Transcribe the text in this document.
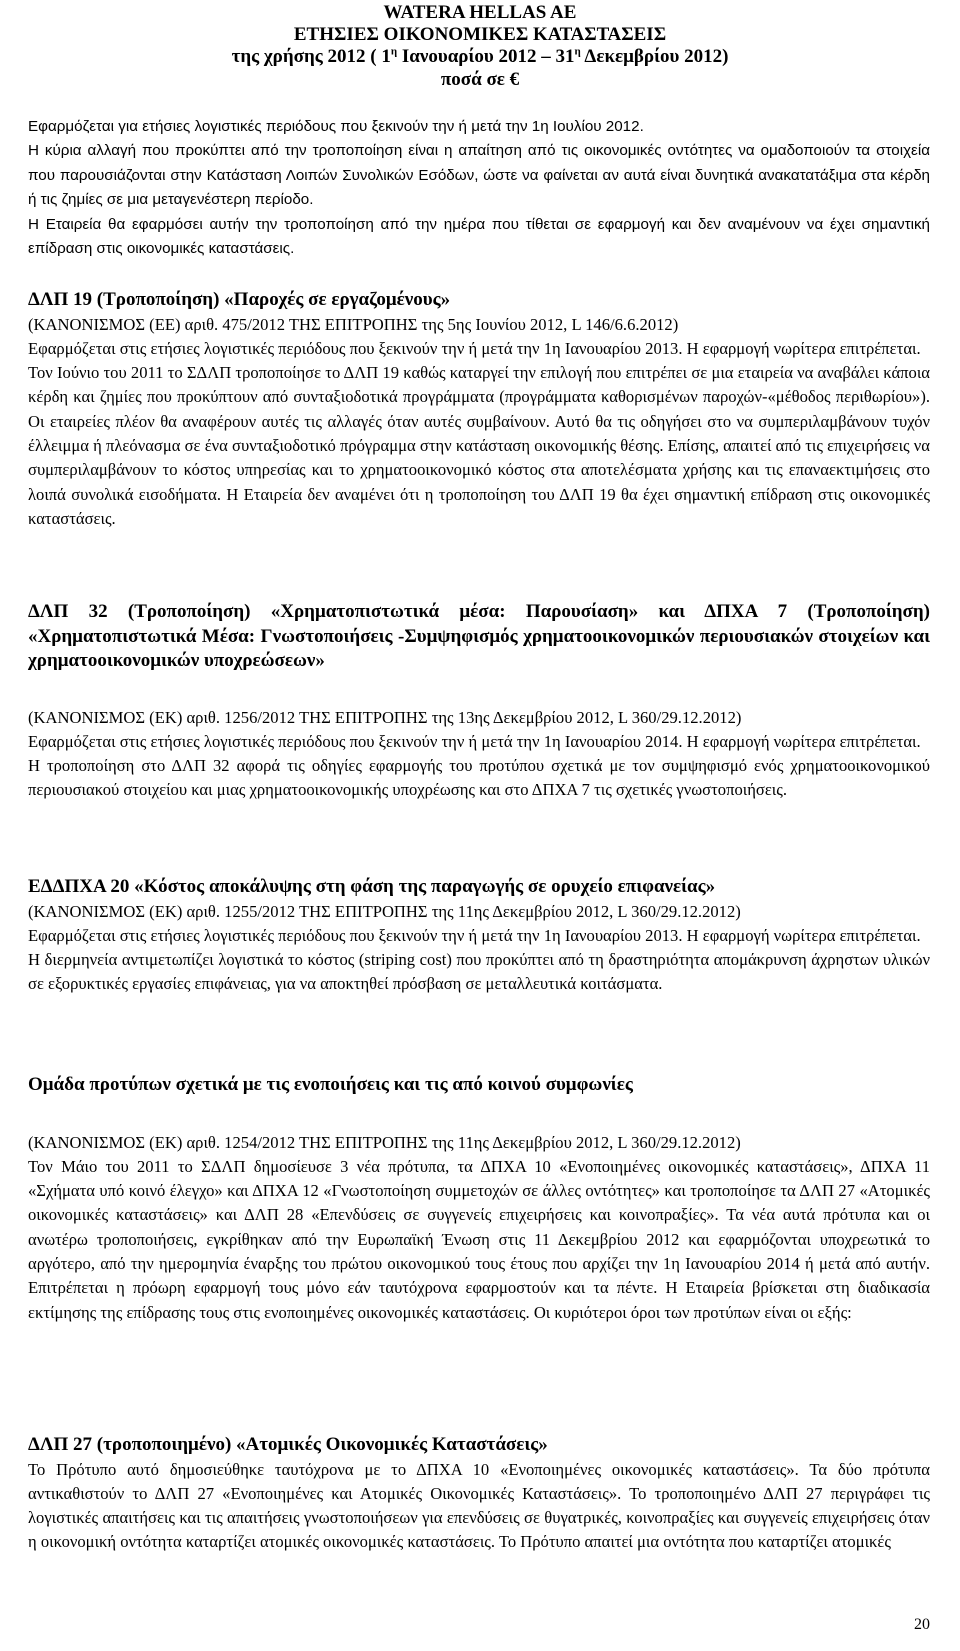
WATERA HELLAS AE
ΕΤΗΣΙΕΣ ΟΙΚΟΝΟΜΙΚΕΣ ΚΑΤΑΣΤΑΣΕΙΣ
της χρήσης 2012 ( $1^\eta$ Ιανουαρίου $2012 - 31^\eta$ Δεκεμβρίου 2012)
ποσά σε €

Εφαρμόζεται για ετήσιες λογιστικές περιόδους που ξεκινούν την ή μετά την 1η Ιουλίου 2012.

Η κύρια αλλαγή που προκύπτει από την τροποποίηση είναι η απαίτηση από τις οικονομικές οντότητες να ομαδοποιούν τα στοιχεία που παρουσιάζονται στην Κατάσταση Λοιπών Συνολικών Εσόδων, ώστε να φαίνεται αν αυτά είναι δυνητικά ανακατατάξιμα στα κέρδη ή τις ζημίες σε μια μεταγενέστερη περίοδο.

Η Εταιρεία θα εφαρμόσει αυτήν την τροποποίηση από την ημέρα που τίθεται σε εφαρμογή και δεν αναμένουν να έχει σημαντική επίδραση στις οικονομικές καταστάσεις.

ΔΛΠ 19 (Τροποποίηση) «Παροχές σε εργαζομένους»

(ΚΑΝΟΝΙΣΜΟΣ (ΕΕ) αριθ. 475/2012 ΤΗΣ ΕΠΙΤΡΟΠΗΣ της 5ης Ιουνίου 2012, L 146/6.6.2012)

Εφαρμόζεται στις ετήσιες λογιστικές περιόδους που ξεκινούν την ή μετά την 1η Ιανουαρίου 2013. Η εφαρμογή νωρίτερα επιτρέπεται.

Τον Ιούνιο του 2011 το ΣΔΛΠ τροποποίησε το ΔΛΠ 19 καθώς καταργεί την επιλογή που επιτρέπει σε μια εταιρεία να αναβάλει κάποια κέρδη και ζημίες που προκύπτουν από συνταξιοδοτικά προγράμματα (προγράμματα καθορισμένων παροχών-«μέθοδος περιθωρίου»). Οι εταιρείες πλέον θα αναφέρουν αυτές τις αλλαγές όταν αυτές συμβαίνουν. Αυτό θα τις οδηγήσει στο να συμπεριλαμβάνουν τυχόν έλλειμμα ή πλεόνασμα σε ένα συνταξιοδοτικό πρόγραμμα στην κατάσταση οικονομικής θέσης. Επίσης, απαιτεί από τις επιχειρήσεις να συμπεριλαμβάνουν το κόστος υπηρεσίας και το χρηματοοικονομικό κόστος στα αποτελέσματα χρήσης και τις επαναεκτιμήσεις στο λοιπά συνολικά εισοδήματα. Η Εταιρεία δεν αναμένει ότι η τροποποίηση του ΔΛΠ 19 θα έχει σημαντική επίδραση στις οικονομικές καταστάσεις.

ΔΛΠ 32 (Τροποποίηση) «Χρηματοπιστωτικά μέσα: Παρουσίαση» και ΔΠΧΑ 7 (Τροποποίηση) «Χρηματοπιστωτικά Μέσα: Γνωστοποιήσεις -Συμψηφισμός χρηματοοικονομικών περιουσιακών στοιχείων και χρηματοοικονομικών υποχρεώσεων»

(ΚΑΝΟΝΙΣΜΟΣ (ΕΚ) αριθ. 1256/2012 ΤΗΣ ΕΠΙΤΡΟΠΗΣ της 13ης Δεκεμβρίου 2012, L 360/29.12.2012)

Εφαρμόζεται στις ετήσιες λογιστικές περιόδους που ξεκινούν την ή μετά την 1η Ιανουαρίου 2014. Η εφαρμογή νωρίτερα επιτρέπεται.

Η τροποποίηση στο ΔΛΠ 32 αφορά τις οδηγίες εφαρμογής του προτύπου σχετικά με τον συμψηφισμό ενός χρηματοοικονομικού περιουσιακού στοιχείου και μιας χρηματοοικονομικής υποχρέωσης και στο ΔΠΧΑ 7 τις σχετικές γνωστοποιήσεις.

ΕΔΔΠΧΑ 20 «Κόστος αποκάλυψης στη φάση της παραγωγής σε ορυχείο επιφανείας»

(ΚΑΝΟΝΙΣΜΟΣ (ΕΚ) αριθ. 1255/2012 ΤΗΣ ΕΠΙΤΡΟΠΗΣ της 11ης Δεκεμβρίου 2012, L 360/29.12.2012)

Εφαρμόζεται στις ετήσιες λογιστικές περιόδους που ξεκινούν την ή μετά την 1η Ιανουαρίου 2013. Η εφαρμογή νωρίτερα επιτρέπεται.

Η διερμηνεία αντιμετωπίζει λογιστικά το κόστος (striping cost) που προκύπτει από τη δραστηριότητα απομάκρυνση άχρηστων υλικών σε εξορυκτικές εργασίες επιφάνειας, για να αποκτηθεί πρόσβαση σε μεταλλευτικά κοιτάσματα.

Ομάδα προτύπων σχετικά με τις ενοποιήσεις και τις από κοινού συμφωνίες

(ΚΑΝΟΝΙΣΜΟΣ (ΕΚ) αριθ. 1254/2012 ΤΗΣ ΕΠΙΤΡΟΠΗΣ της 11ης Δεκεμβρίου 2012, L 360/29.12.2012)

Τον Μάιο του 2011 το ΣΔΛΠ δημοσίευσε 3 νέα πρότυπα, τα ΔΠΧΑ 10 «Ενοποιημένες οικονομικές καταστάσεις», ΔΠΧΑ 11 «Σχήματα υπό κοινό έλεγχο» και ΔΠΧΑ 12 «Γνωστοποίηση συμμετοχών σε άλλες οντότητες» και τροποποίησε τα ΔΛΠ 27 «Ατομικές οικονομικές καταστάσεις» και ΔΛΠ 28 «Επενδύσεις σε συγγενείς επιχειρήσεις και κοινοπραξίες». Τα νέα αυτά πρότυπα και οι ανωτέρω τροποποιήσεις, εγκρίθηκαν από την Ευρωπαϊκή Ένωση στις 11 Δεκεμβρίου 2012 και εφαρμόζονται υποχρεωτικά το αργότερο, από την ημερομηνία έναρξης του πρώτου οικονομικού τους έτους που αρχίζει την 1η Ιανουαρίου 2014 ή μετά από αυτήν. Επιτρέπεται η πρόωρη εφαρμογή τους μόνο εάν ταυτόχρονα εφαρμοστούν και τα πέντε. Η Εταιρεία βρίσκεται στη διαδικασία εκτίμησης της επίδρασης τους στις ενοποιημένες οικονομικές καταστάσεις. Οι κυριότεροι όροι των προτύπων είναι οι εξής:

ΔΛΠ 27 (τροποποιημένο) «Ατομικές Οικονομικές Καταστάσεις»

Το Πρότυπο αυτό δημοσιεύθηκε ταυτόχρονα με το ΔΠΧΑ 10 «Ενοποιημένες οικονομικές καταστάσεις». Τα δύο πρότυπα αντικαθιστούν το ΔΛΠ 27 «Ενοποιημένες και Ατομικές Οικονομικές Καταστάσεις». Το τροποποιημένο ΔΛΠ 27 περιγράφει τις λογιστικές απαιτήσεις και τις απαιτήσεις γνωστοποιήσεων για επενδύσεις σε θυγατρικές, κοινοπραξίες και συγγενείς επιχειρήσεις όταν η οικονομική οντότητα καταρτίζει ατομικές οικονομικές καταστάσεις. Το Πρότυπο απαιτεί μια οντότητα που καταρτίζει ατομικές

20
